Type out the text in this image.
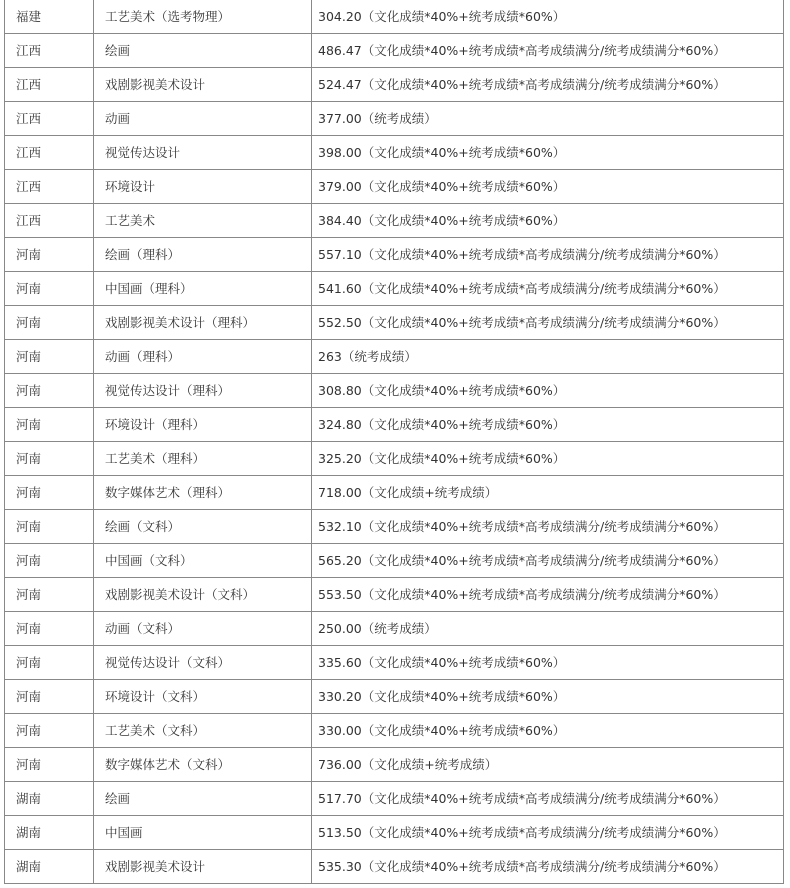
福建	工艺美术（选考物理）	304.20（文化成绩*40%+统考成绩*60%）
江西	绘画	486.47（文化成绩*40%+统考成绩*高考成绩满分/统考成绩满分*60%）
江西	戏剧影视美术设计	524.47（文化成绩*40%+统考成绩*高考成绩满分/统考成绩满分*60%）
江西	动画	377.00（统考成绩）
江西	视觉传达设计	398.00（文化成绩*40%+统考成绩*60%）
江西	环境设计	379.00（文化成绩*40%+统考成绩*60%）
江西	工艺美术	384.40（文化成绩*40%+统考成绩*60%）
河南	绘画（理科）	557.10（文化成绩*40%+统考成绩*高考成绩满分/统考成绩满分*60%）
河南	中国画（理科）	541.60（文化成绩*40%+统考成绩*高考成绩满分/统考成绩满分*60%）
河南	戏剧影视美术设计（理科）	552.50（文化成绩*40%+统考成绩*高考成绩满分/统考成绩满分*60%）
河南	动画（理科）	263（统考成绩）
河南	视觉传达设计（理科）	308.80（文化成绩*40%+统考成绩*60%）
河南	环境设计（理科）	324.80（文化成绩*40%+统考成绩*60%）
河南	工艺美术（理科）	325.20（文化成绩*40%+统考成绩*60%）
河南	数字媒体艺术（理科）	718.00（文化成绩+统考成绩）
河南	绘画（文科）	532.10（文化成绩*40%+统考成绩*高考成绩满分/统考成绩满分*60%）
河南	中国画（文科）	565.20（文化成绩*40%+统考成绩*高考成绩满分/统考成绩满分*60%）
河南	戏剧影视美术设计（文科）	553.50（文化成绩*40%+统考成绩*高考成绩满分/统考成绩满分*60%）
河南	动画（文科）	250.00（统考成绩）
河南	视觉传达设计（文科）	335.60（文化成绩*40%+统考成绩*60%）
河南	环境设计（文科）	330.20（文化成绩*40%+统考成绩*60%）
河南	工艺美术（文科）	330.00（文化成绩*40%+统考成绩*60%）
河南	数字媒体艺术（文科）	736.00（文化成绩+统考成绩）
湖南	绘画	517.70（文化成绩*40%+统考成绩*高考成绩满分/统考成绩满分*60%）
湖南	中国画	513.50（文化成绩*40%+统考成绩*高考成绩满分/统考成绩满分*60%）
湖南	戏剧影视美术设计	535.30（文化成绩*40%+统考成绩*高考成绩满分/统考成绩满分*60%）
